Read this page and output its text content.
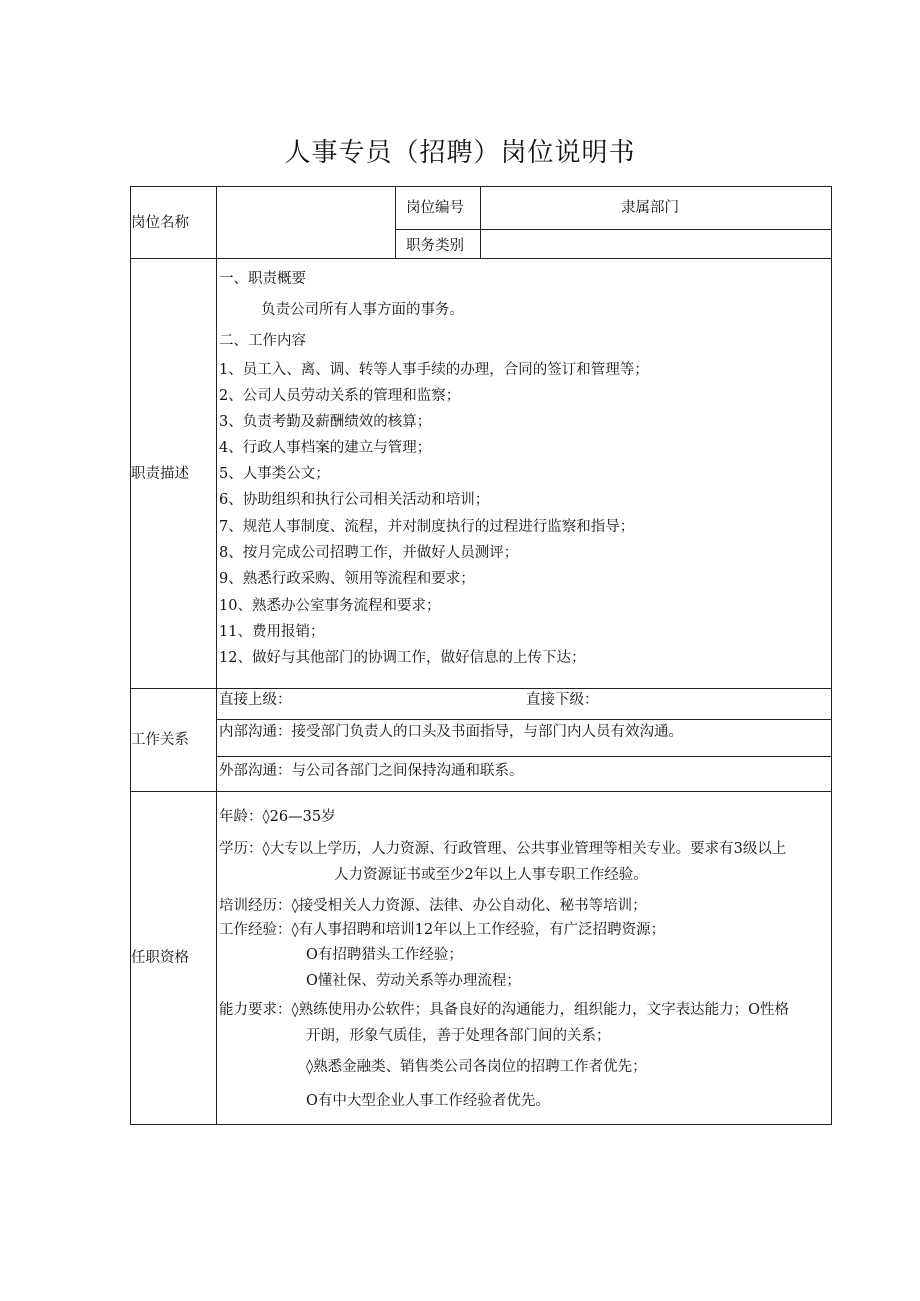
人事专员（招聘）岗位说明书
岗位名称
岗位编号	隶属部门
职务类别
职责描述
一、职责概要
负责公司所有人事方面的事务。
二、工作内容
1、员工入、离、调、转等人事手续的办理，合同的签订和管理等；
2、公司人员劳动关系的管理和监察；
3、负责考勤及薪酬绩效的核算；
4、行政人事档案的建立与管理；
5、人事类公文；
6、协助组织和执行公司相关活动和培训；
7、规范人事制度、流程，并对制度执行的过程进行监察和指导；
8、按月完成公司招聘工作，并做好人员测评；
9、熟悉行政采购、领用等流程和要求；
10、熟悉办公室事务流程和要求；
11、费用报销；
12、做好与其他部门的协调工作，做好信息的上传下达；
工作关系
直接上级：	直接下级：
内部沟通：接受部门负责人的口头及书面指导，与部门内人员有效沟通。
外部沟通：与公司各部门之间保持沟通和联系。
任职资格
年龄：◊26—35岁
学历：◊大专以上学历，人力资源、行政管理、公共事业管理等相关专业。要求有3级以上
人力资源证书或至少2年以上人事专职工作经验。
培训经历：◊接受相关人力资源、法律、办公自动化、秘书等培训；
工作经验：◊有人事招聘和培训12年以上工作经验，有广泛招聘资源；
O有招聘猎头工作经验；
O懂社保、劳动关系等办理流程；
能力要求：◊熟练使用办公软件；具备良好的沟通能力，组织能力，文字表达能力；O性格
开朗，形象气质佳，善于处理各部门间的关系；
◊熟悉金融类、销售类公司各岗位的招聘工作者优先；
O有中大型企业人事工作经验者优先。
